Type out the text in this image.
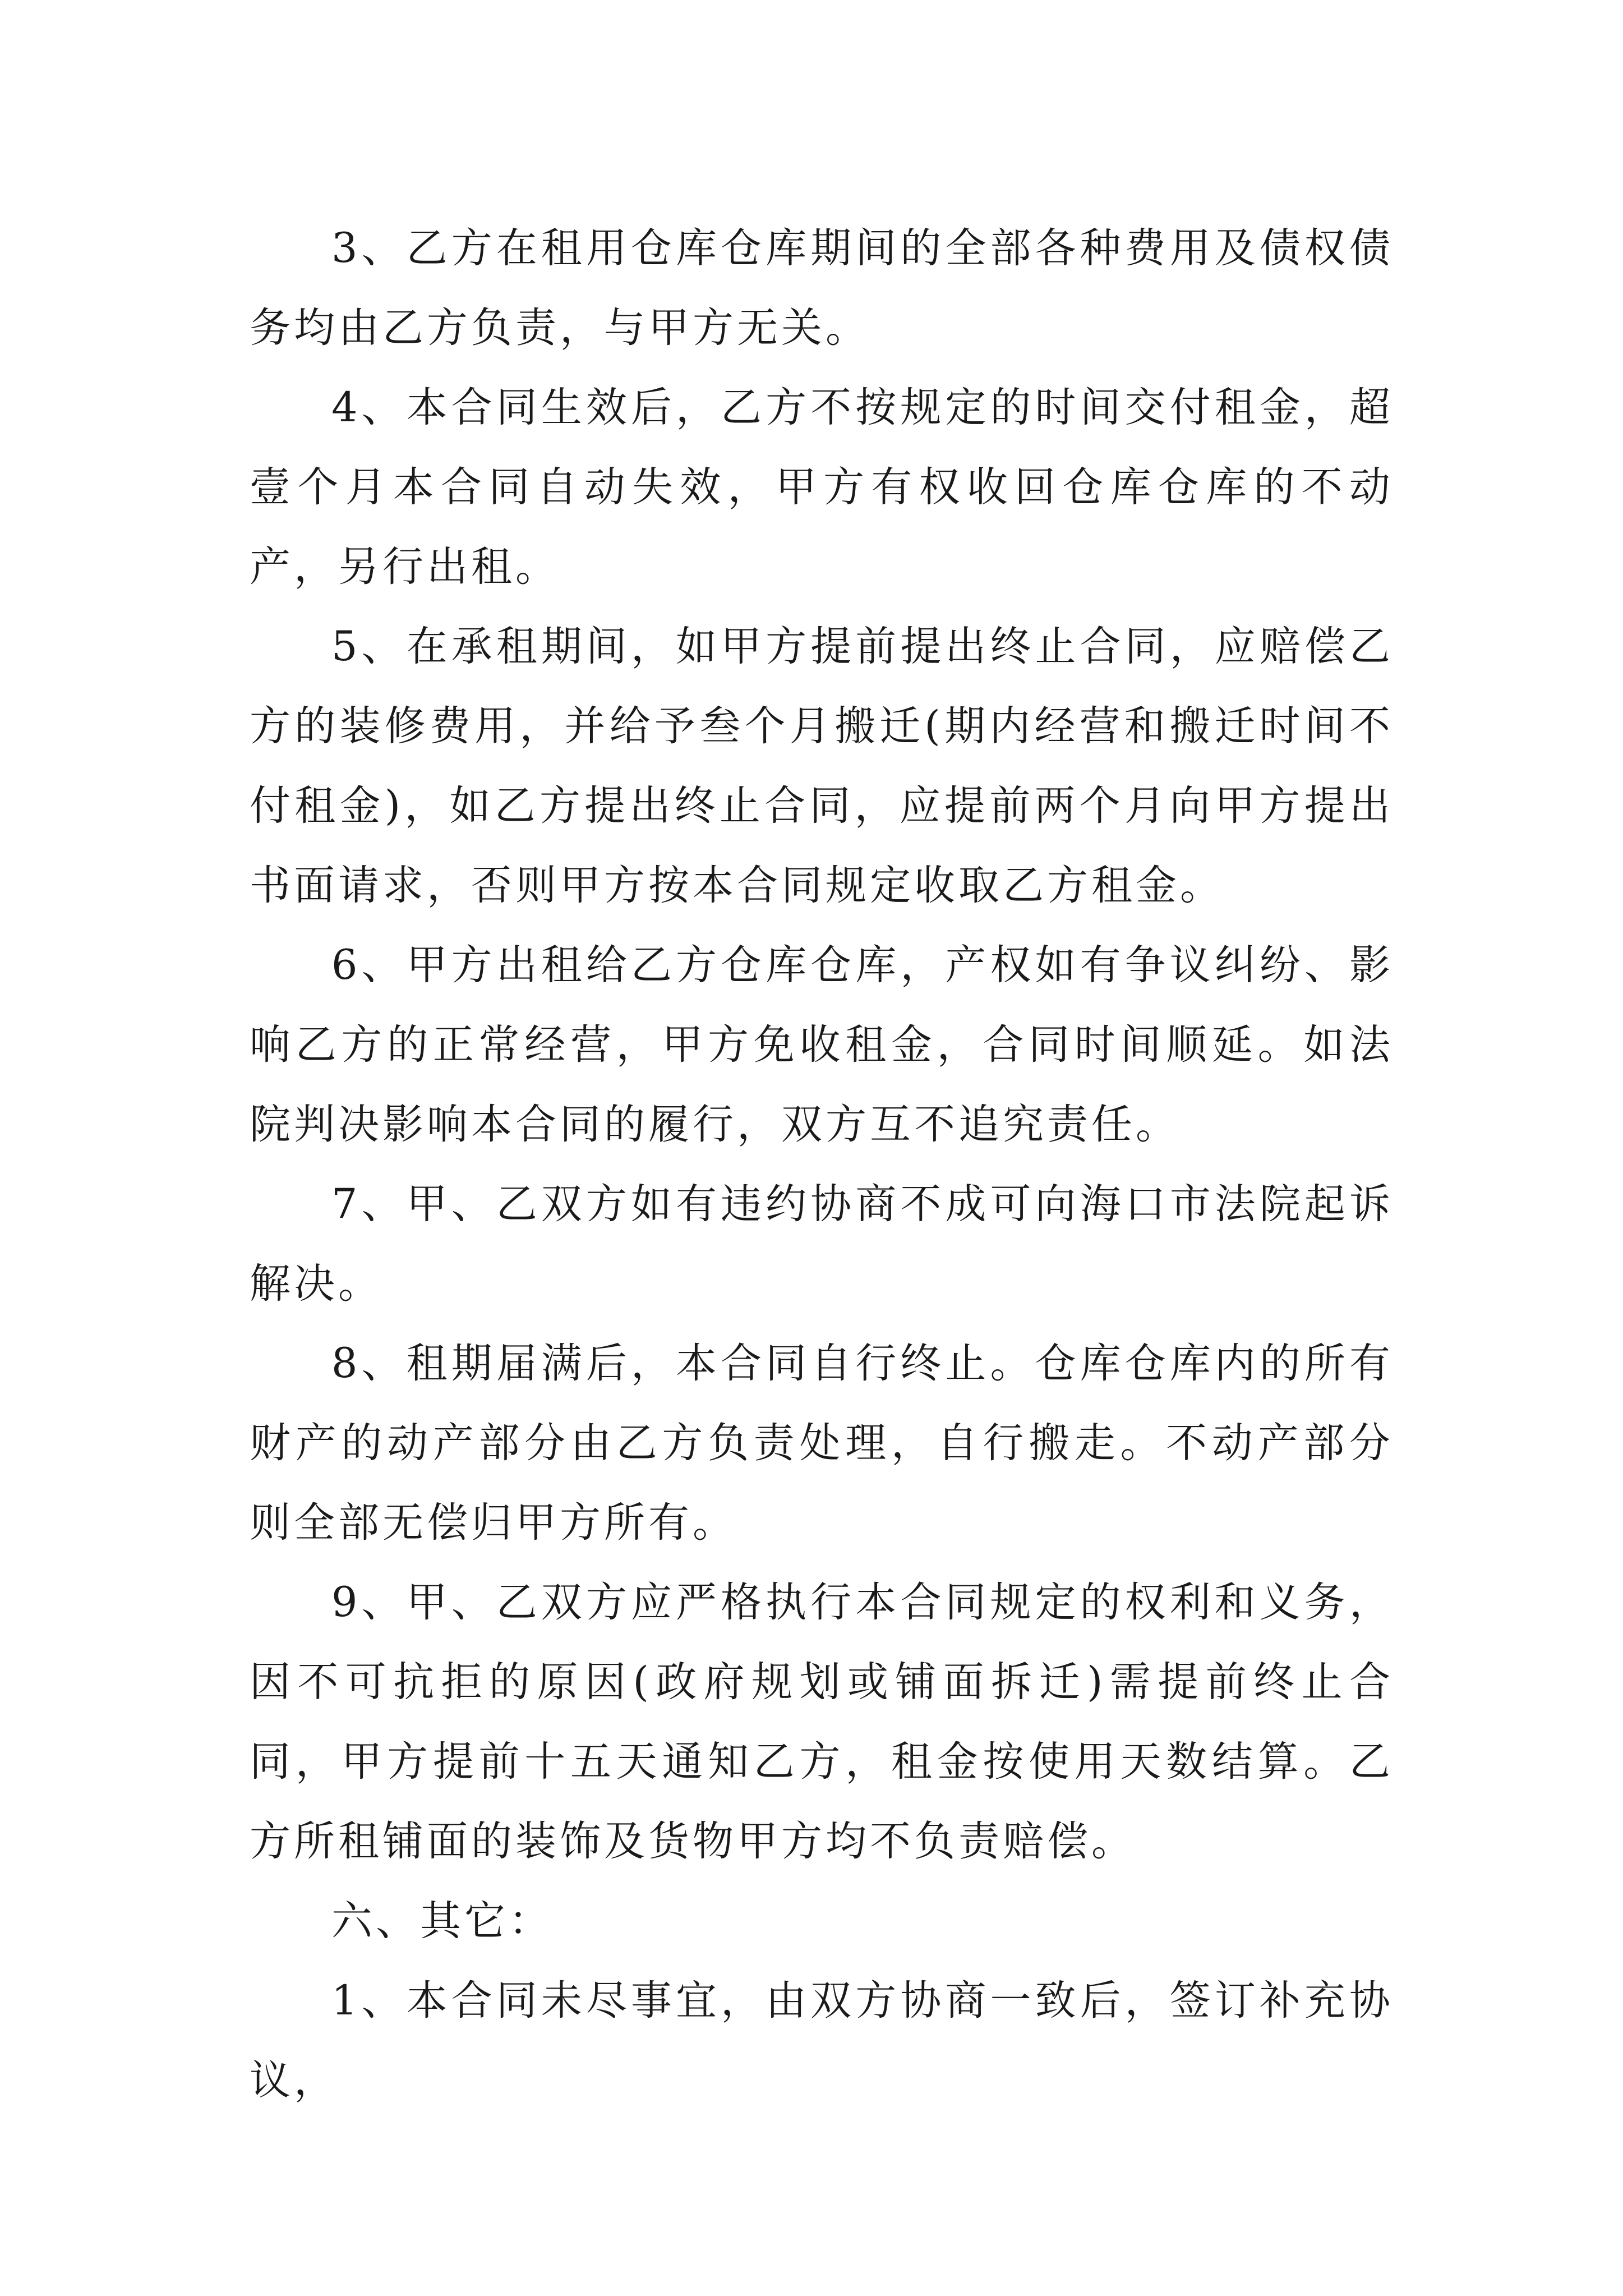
3、乙方在租用仓库仓库期间的全部各种费用及债权债务均由乙方负责，与甲方无关。

4、本合同生效后，乙方不按规定的时间交付租金，超壹个月本合同自动失效，甲方有权收回仓库仓库的不动产，另行出租。

5、在承租期间，如甲方提前提出终止合同，应赔偿乙方的装修费用，并给予叁个月搬迁(期内经营和搬迁时间不付租金)，如乙方提出终止合同，应提前两个月向甲方提出书面请求，否则甲方按本合同规定收取乙方租金。

6、甲方出租给乙方仓库仓库，产权如有争议纠纷、影响乙方的正常经营，甲方免收租金，合同时间顺延。如法院判决影响本合同的履行，双方互不追究责任。

7、甲、乙双方如有违约协商不成可向海口市法院起诉解决。

8、租期届满后，本合同自行终止。仓库仓库内的所有财产的动产部分由乙方负责处理，自行搬走。不动产部分则全部无偿归甲方所有。

9、甲、乙双方应严格执行本合同规定的权利和义务，因不可抗拒的原因(政府规划或铺面拆迁)需提前终止合同，甲方提前十五天通知乙方，租金按使用天数结算。乙方所租铺面的装饰及货物甲方均不负责赔偿。

六、其它：

1、本合同未尽事宜，由双方协商一致后，签订补充协议，
